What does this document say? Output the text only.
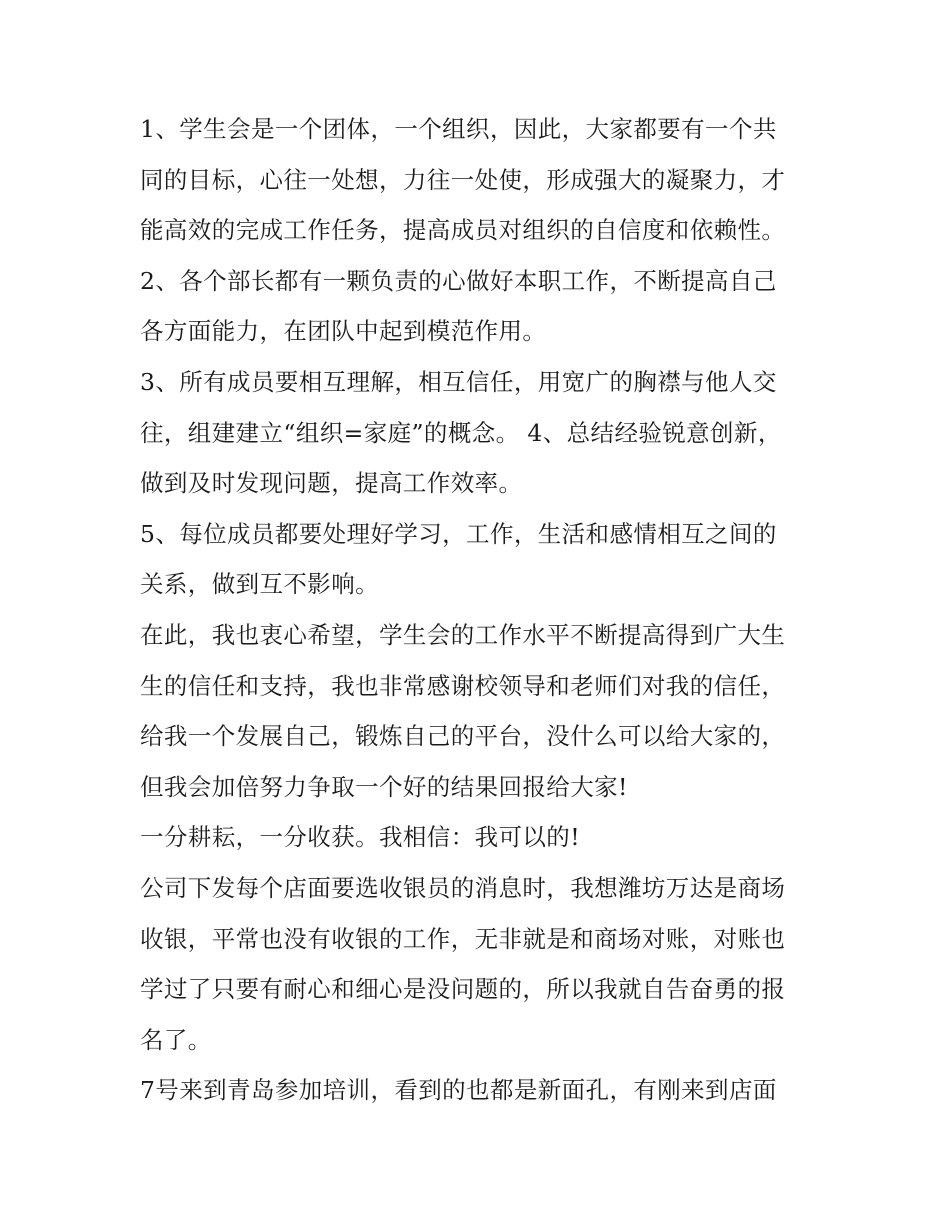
1、学生会是一个团体，一个组织，因此，大家都要有一个共
同的目标，心往一处想，力往一处使，形成强大的凝聚力，才
能高效的完成工作任务，提高成员对组织的自信度和依赖性。
2、各个部长都有一颗负责的心做好本职工作，不断提高自己
各方面能力，在团队中起到模范作用。
3、所有成员要相互理解，相互信任，用宽广的胸襟与他人交
往，组建建立“组织=家庭”的概念。 4、总结经验锐意创新，
做到及时发现问题，提高工作效率。
5、每位成员都要处理好学习，工作，生活和感情相互之间的
关系，做到互不影响。
在此，我也衷心希望，学生会的工作水平不断提高得到广大生
生的信任和支持，我也非常感谢校领导和老师们对我的信任，
给我一个发展自己，锻炼自己的平台，没什么可以给大家的，
但我会加倍努力争取一个好的结果回报给大家!
一分耕耘，一分收获。我相信：我可以的!
公司下发每个店面要选收银员的消息时，我想潍坊万达是商场
收银，平常也没有收银的工作，无非就是和商场对账，对账也
学过了只要有耐心和细心是没问题的，所以我就自告奋勇的报
名了。
7号来到青岛参加培训，看到的也都是新面孔，有刚来到店面
